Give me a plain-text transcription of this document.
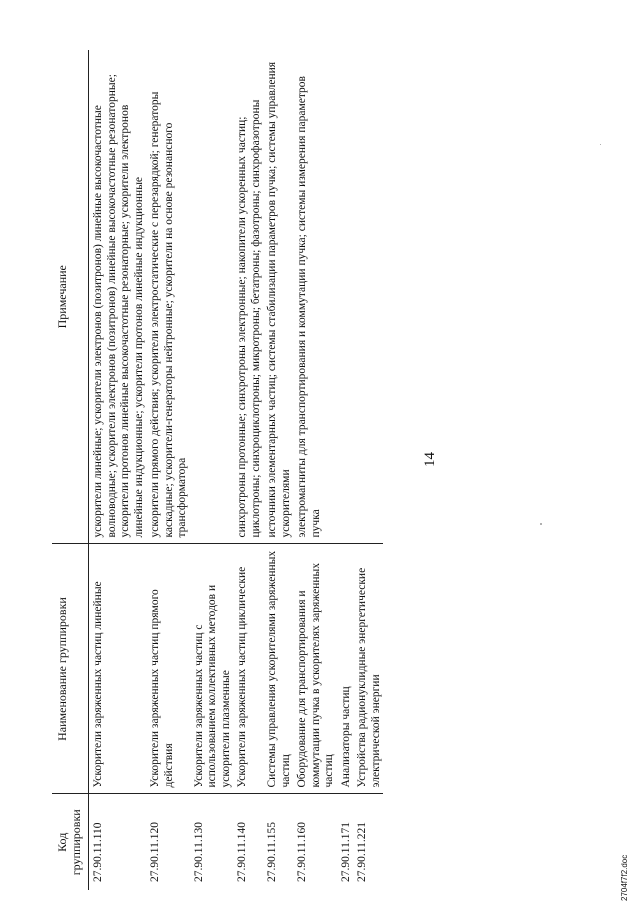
14
Код группировки	Наименование группировки	Примечание
27.90.11.110	Ускорители заряженных частиц линейные	ускорители линейные; ускорители электронов (позитронов) линейные высокочастотные волноводные; ускорители электронов (позитронов) линейные высокочастотные резонаторные; ускорители протонов линейные высокочастотные резонаторные; ускорители электронов линейные индукционные; ускорители протонов линейные индукционные
27.90.11.120	Ускорители заряженных частиц прямого действия	ускорители прямого действия; ускорители электростатические с перезарядкой; генераторы каскадные; ускорители-генераторы нейтронные; ускорители на основе резонансного трансформатора
27.90.11.130	Ускорители заряженных частиц с использованием коллективных методов и ускорители плазменные	
27.90.11.140	Ускорители заряженных частиц циклические	синхротроны протонные; синхротроны электронные; накопители ускоренных частиц; циклотроны; синхроциклотроны; микротроны; бетатроны; фазотроны; синхрофазотроны
27.90.11.155	Системы управления ускорителями заряженных частиц	источники элементарных частиц; системы стабилизации параметров пучка; системы управления ускорителями
27.90.11.160	Оборудование для транспортирования и коммутации пучка в ускорителях заряженных частиц	электромагниты для транспортирования и коммутации пучка; системы измерения параметров пучка
27.90.11.171	Анализаторы частиц	
27.90.11.221	Устройства радионуклидные энергетические электрической энергии	
2704f7f2.doc
